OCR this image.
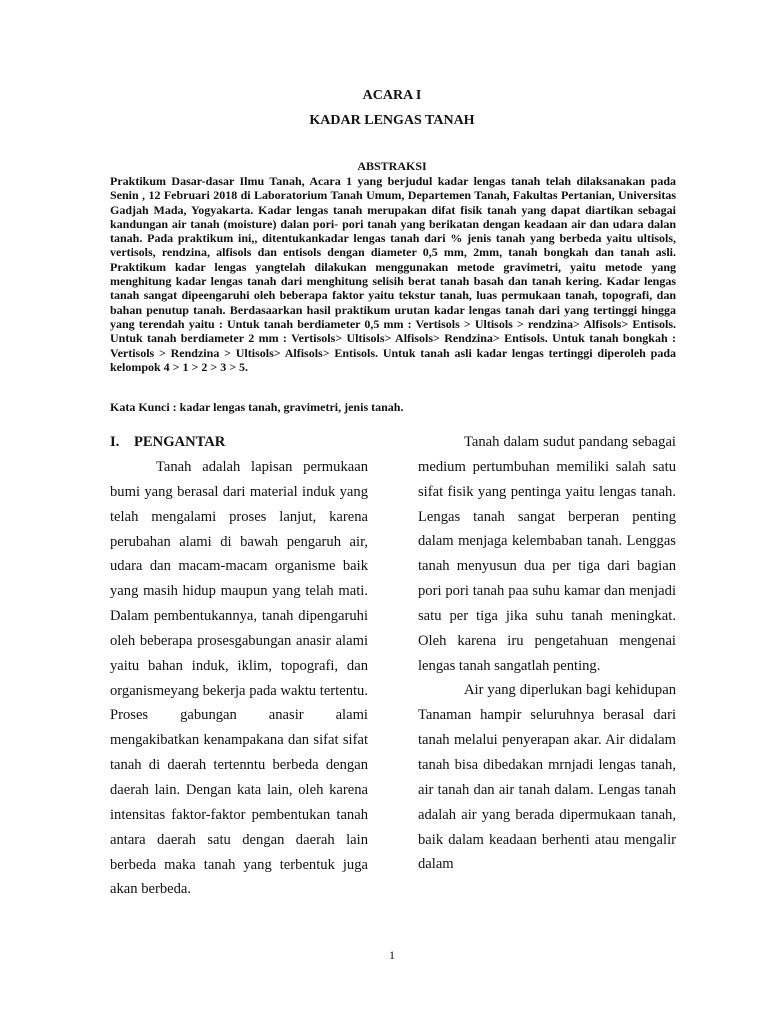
ACARA I
KADAR LENGAS TANAH
ABSTRAKSI
Praktikum Dasar-dasar Ilmu Tanah, Acara 1 yang berjudul kadar lengas tanah telah dilaksanakan pada Senin , 12 Februari 2018 di Laboratorium Tanah Umum, Departemen Tanah, Fakultas Pertanian, Universitas Gadjah Mada, Yogyakarta. Kadar lengas tanah merupakan difat fisik tanah yang dapat diartikan sebagai kandungan air tanah (moisture) dalan pori- pori tanah yang berikatan dengan keadaan air dan udara dalan tanah. Pada praktikum ini,, ditentukankadar lengas tanah dari % jenis tanah yang berbeda yaitu ultisols, vertisols, rendzina, alfisols dan entisols dengan diameter 0,5 mm, 2mm, tanah bongkah dan tanah asli. Praktikum kadar lengas yangtelah dilakukan menggunakan metode gravimetri, yaitu metode yang menghitung kadar lengas tanah dari menghitung selisih berat tanah basah dan tanah kering. Kadar lengas tanah sangat dipeengaruhi oleh beberapa faktor yaitu tekstur tanah, luas permukaan tanah, topografi, dan bahan penutup tanah. Berdasaarkan hasil praktikum urutan kadar lengas tanah dari yang tertinggi hingga yang terendah yaitu : Untuk tanah berdiameter 0,5 mm : Vertisols > Ultisols > rendzina> Alfisols> Entisols. Untuk tanah berdiameter 2 mm : Vertisols> Ultisols> Alfisols> Rendzina> Entisols. Untuk tanah bongkah : Vertisols > Rendzina > Ultisols> Alfisols> Entisols. Untuk tanah asli kadar lengas tertinggi diperoleh pada kelompok 4 > 1 > 2 > 3 > 5.
Kata Kunci : kadar lengas tanah, gravimetri, jenis tanah.
I. PENGANTAR

Tanah adalah lapisan permukaan bumi yang berasal dari material induk yang telah mengalami proses lanjut, karena perubahan alami di bawah pengaruh air, udara dan macam-macam organisme baik yang masih hidup maupun yang telah mati. Dalam pembentukannya, tanah dipengaruhi oleh beberapa prosesgabungan anasir alami yaitu bahan induk, iklim, topografi, dan organismeyang bekerja pada waktu tertentu. Proses gabungan anasir alami mengakibatkan kenampakana dan sifat sifat tanah di daerah tertenntu berbeda dengan daerah lain. Dengan kata lain, oleh karena intensitas faktor-faktor pembentukan tanah antara daerah satu dengan daerah lain berbeda maka tanah yang terbentuk juga akan berbeda.

Tanah dalam sudut pandang sebagai medium pertumbuhan memiliki salah satu sifat fisik yang pentinga yaitu lengas tanah. Lengas tanah sangat berperan penting dalam menjaga kelembaban tanah. Lenggas tanah menyusun dua per tiga dari bagian pori pori tanah paa suhu kamar dan menjadi satu per tiga jika suhu tanah meningkat. Oleh karena iru pengetahuan mengenai lengas tanah sangatlah penting.

Air yang diperlukan bagi kehidupan

Tanaman hampir seluruhnya berasal dari tanah melalui penyerapan akar. Air didalam tanah bisa dibedakan mrnjadi lengas tanah, air tanah dan air tanah dalam. Lengas tanah adalah air yang berada dipermukaan tanah, baik dalam keadaan berhenti atau mengalir dalam

1
